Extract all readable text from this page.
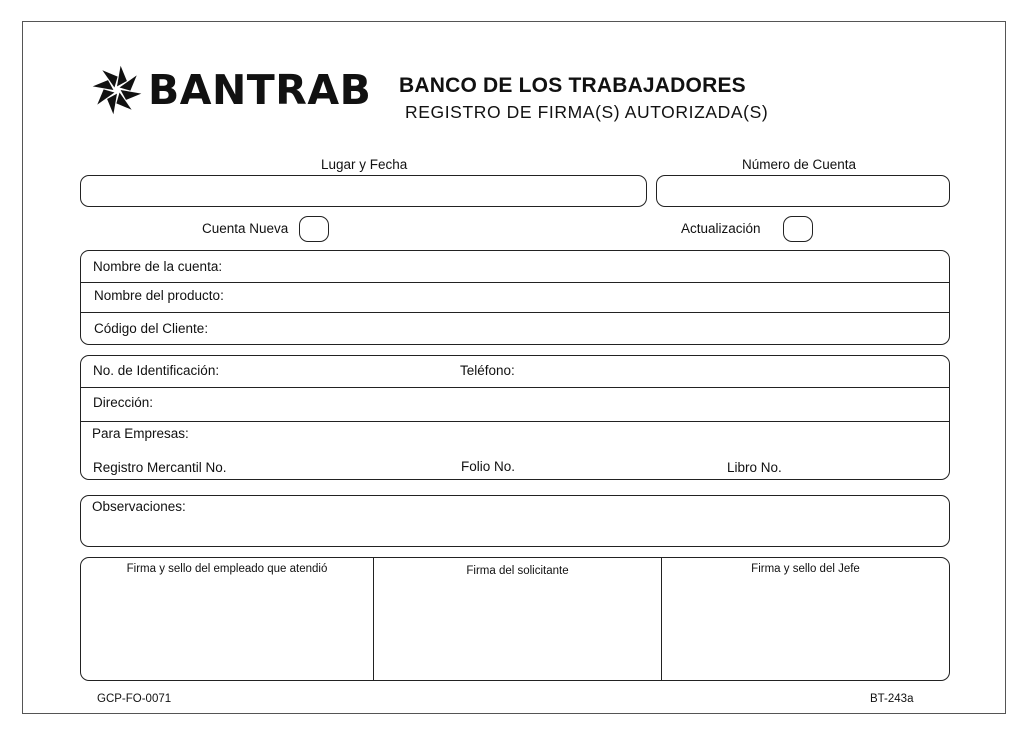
BANTRAB BANCO DE LOS TRABAJADORES
REGISTRO DE FIRMA(S) AUTORIZADA(S)
Lugar y Fecha	Número de Cuenta
Cuenta Nueva	Actualización
Nombre de la cuenta:
Nombre del producto:
Código del Cliente:
No. de Identificación:	Teléfono:
Dirección:
Para Empresas:
Registro Mercantil No.	Folio No.	Libro No.
Observaciones:
Firma y sello del empleado que atendió	Firma del solicitante	Firma y sello del Jefe
GCP-FO-0071	BT-243a
